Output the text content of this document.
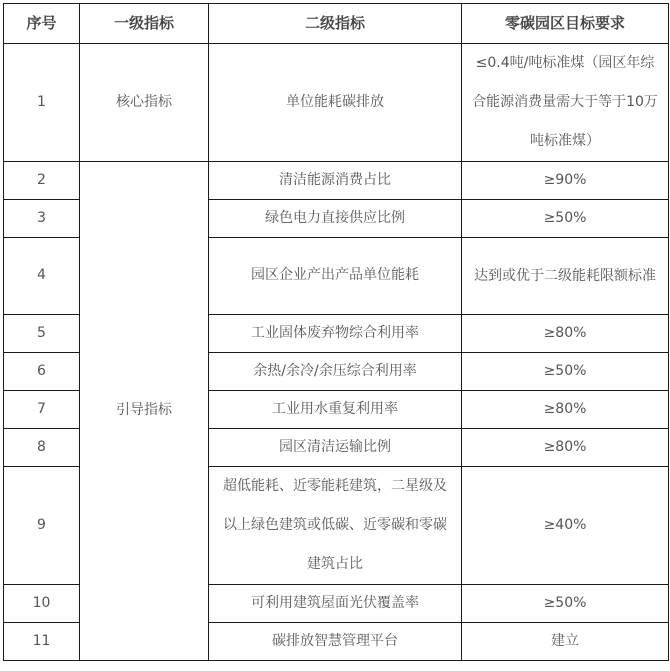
序号	一级指标	二级指标	零碳园区目标要求
1	核心指标	单位能耗碳排放	≤0.4吨/吨标准煤（园区年综合能源消费量需大于等于10万吨标准煤）
2	引导指标	清洁能源消费占比	≥90%
3		绿色电力直接供应比例	≥50%
4		园区企业产出产品单位能耗	达到或优于二级能耗限额标准
5		工业固体废弃物综合利用率	≥80%
6		余热/余冷/余压综合利用率	≥50%
7		工业用水重复利用率	≥80%
8		园区清洁运输比例	≥80%
9		超低能耗、近零能耗建筑，二星级及以上绿色建筑或低碳、近零碳和零碳建筑占比	≥40%
10		可利用建筑屋面光伏覆盖率	≥50%
11		碳排放智慧管理平台	建立
